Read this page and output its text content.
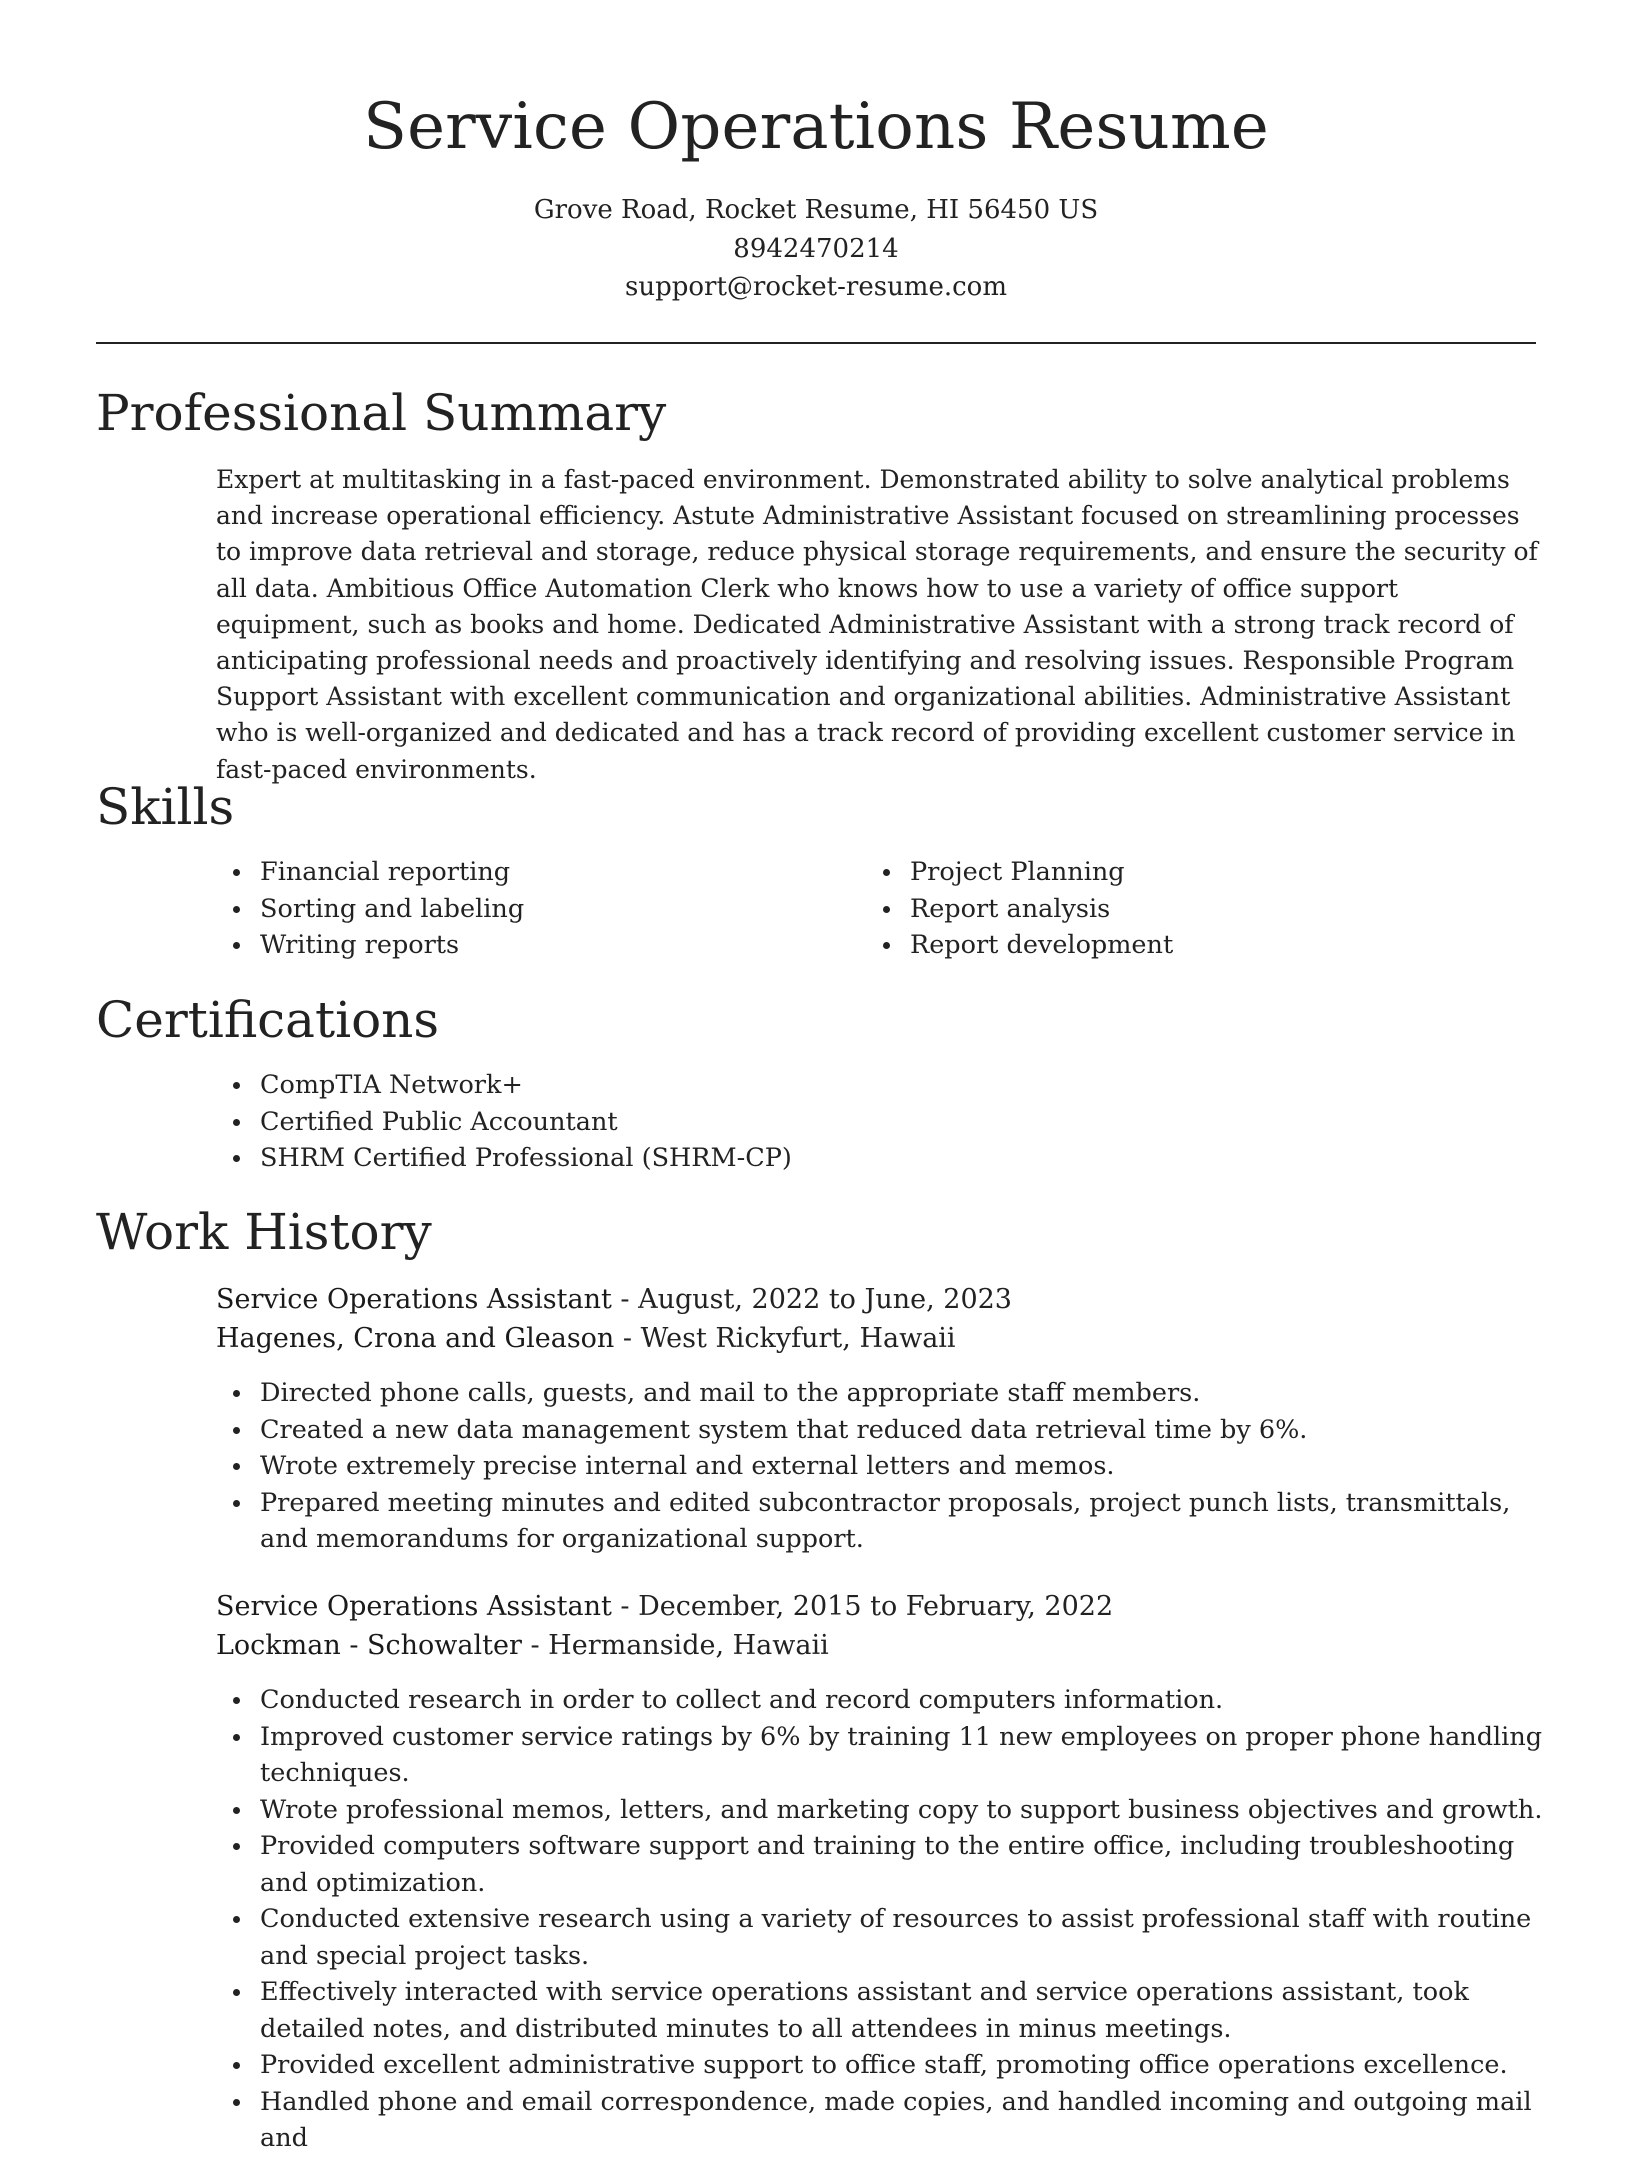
Service Operations Resume
Grove Road, Rocket Resume, HI 56450 US
8942470214
support@rocket-resume.com
Professional Summary

Expert at multitasking in a fast-paced environment. Demonstrated ability to solve analytical problems and increase operational efficiency. Astute Administrative Assistant focused on streamlining processes to improve data retrieval and storage, reduce physical storage requirements, and ensure the security of all data. Ambitious Office Automation Clerk who knows how to use a variety of office support equipment, such as books and home. Dedicated Administrative Assistant with a strong track record of anticipating professional needs and proactively identifying and resolving issues. Responsible Program Support Assistant with excellent communication and organizational abilities. Administrative Assistant who is well-organized and dedicated and has a track record of providing excellent customer service in fast-paced environments.

Skills
Financial reporting
Sorting and labeling
Writing reports
Project Planning
Report analysis
Report development
Certifications
CompTIA Network+
Certified Public Accountant
SHRM Certified Professional (SHRM-CP)
Work History

Service Operations Assistant - August, 2022 to June, 2023

Hagenes, Crona and Gleason - West Rickyfurt, Hawaii

Directed phone calls, guests, and mail to the appropriate staff members.
Created a new data management system that reduced data retrieval time by 6%.
Wrote extremely precise internal and external letters and memos.
Prepared meeting minutes and edited subcontractor proposals, project punch lists, transmittals, and memorandums for organizational support.

Service Operations Assistant - December, 2015 to February, 2022

Lockman - Schowalter - Hermanside, Hawaii

Conducted research in order to collect and record computers information.
Improved customer service ratings by 6% by training 11 new employees on proper phone handling techniques.
Wrote professional memos, letters, and marketing copy to support business objectives and growth.
Provided computers software support and training to the entire office, including troubleshooting and optimization.
Conducted extensive research using a variety of resources to assist professional staff with routine and special project tasks.
Effectively interacted with service operations assistant and service operations assistant, took detailed notes, and distributed minutes to all attendees in minus meetings.
Provided excellent administrative support to office staff, promoting office operations excellence.
Handled phone and email correspondence, made copies, and handled incoming and outgoing mail and
